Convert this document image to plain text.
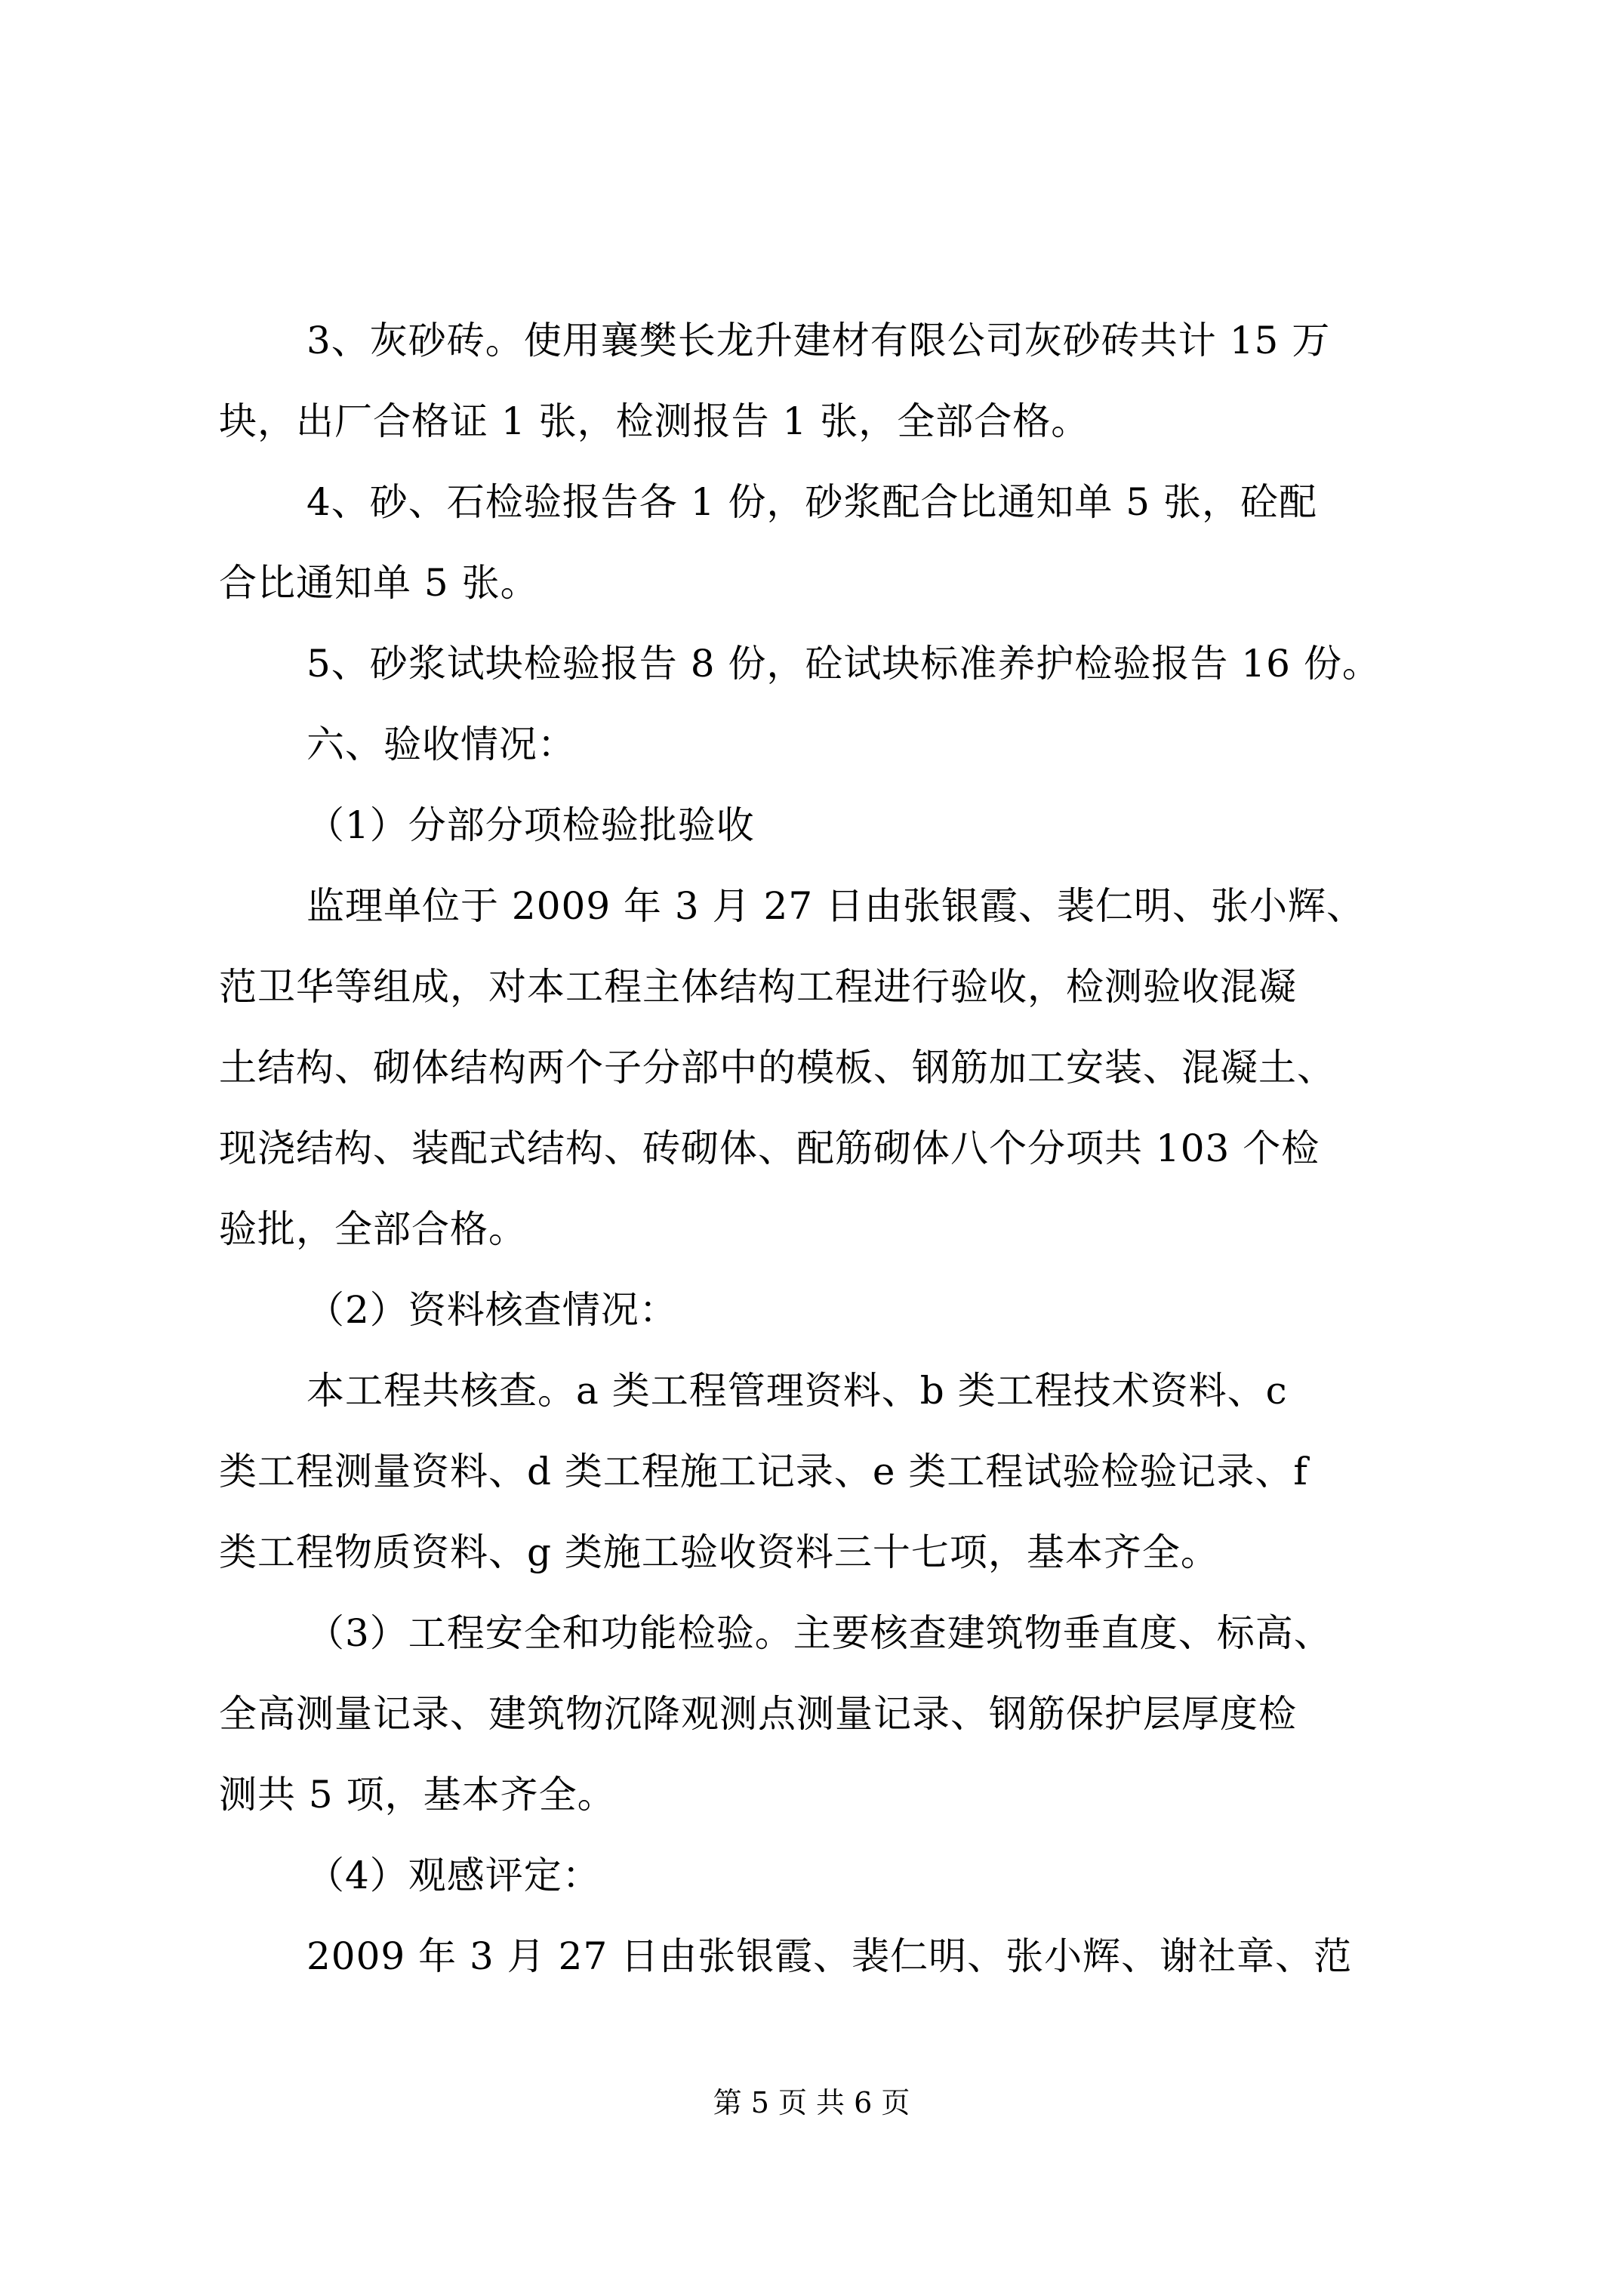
3、灰砂砖。使用襄樊长龙升建材有限公司灰砂砖共计 15 万
块，出厂合格证 1 张，检测报告 1 张，全部合格。
4、砂、石检验报告各 1 份，砂浆配合比通知单 5 张，砼配
合比通知单 5 张。
5、砂浆试块检验报告 8 份，砼试块标准养护检验报告 16 份。
六、验收情况：
（1）分部分项检验批验收
监理单位于 2009 年 3 月 27 日由张银霞、裴仁明、张小辉、
范卫华等组成，对本工程主体结构工程进行验收，检测验收混凝
土结构、砌体结构两个子分部中的模板、钢筋加工安装、混凝土、
现浇结构、装配式结构、砖砌体、配筋砌体八个分项共 103 个检
验批，全部合格。
（2）资料核查情况：
本工程共核查。a 类工程管理资料、b 类工程技术资料、c
类工程测量资料、d 类工程施工记录、e 类工程试验检验记录、f
类工程物质资料、g 类施工验收资料三十七项，基本齐全。
（3）工程安全和功能检验。主要核查建筑物垂直度、标高、
全高测量记录、建筑物沉降观测点测量记录、钢筋保护层厚度检
测共 5 项，基本齐全。
（4）观感评定：
2009 年 3 月 27 日由张银霞、裴仁明、张小辉、谢社章、范
第 5 页 共 6 页
